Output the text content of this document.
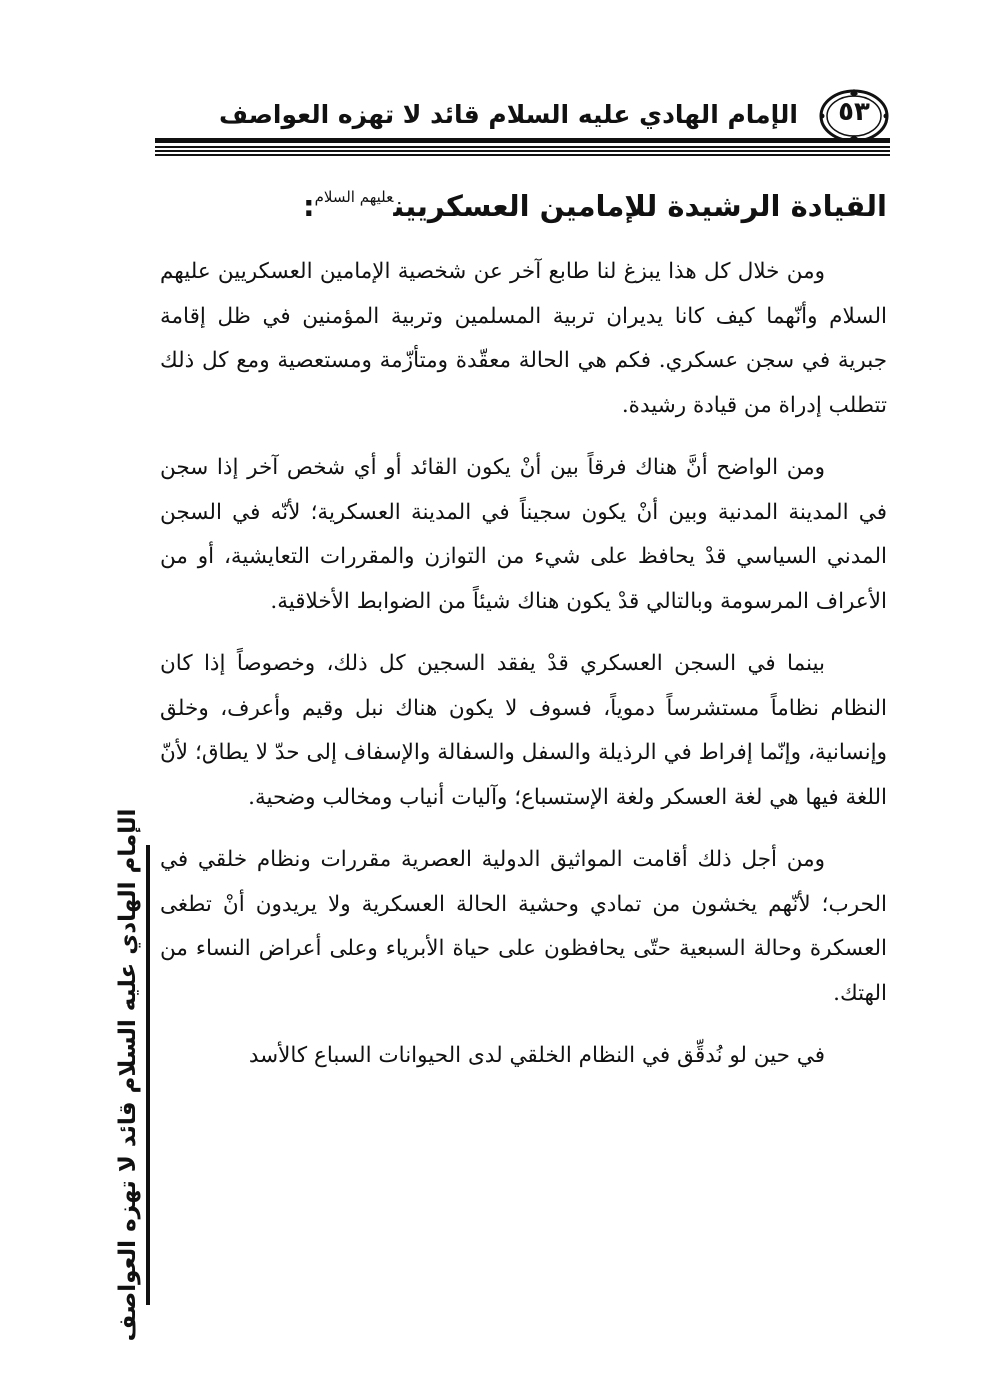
٥٣
الإمام الهادي عليه السلام قائد لا تهزه العواصف
القيادة الرشيدة للإمامين العسكريين$^{عليهم السلام}$:

ومن خلال كل هذا يبزغ لنا طابع آخر عن شخصية الإمامين العسكريين عليهم السلام وأنّهما كيف كانا يديران تربية المسلمين وتربية المؤمنين في ظل إقامة جبرية في سجن عسكري. فكم هي الحالة معقّدة ومتأزّمة ومستعصية ومع كل ذلك تتطلب إدراة من قيادة رشيدة.

ومن الواضح أنَّ هناك فرقاً بين أنْ يكون القائد أو أي شخص آخر إذا سجن في المدينة المدنية وبين أنْ يكون سجيناً في المدينة العسكرية؛ لأنّه في السجن المدني السياسي قدْ يحافظ على شيء من التوازن والمقررات التعايشية، أو من الأعراف المرسومة وبالتالي قدْ يكون هناك شيئاً من الضوابط الأخلاقية.

بينما في السجن العسكري قدْ يفقد السجين كل ذلك، وخصوصاً إذا كان النظام نظاماً مستشرساً دموياً، فسوف لا يكون هناك نبل وقيم وأعرف، وخلق وإنسانية، وإنّما إفراط في الرذيلة والسفل والسفالة والإسفاف إلى حدّ لا يطاق؛ لأنّ اللغة فيها هي لغة العسكر ولغة الإستسباع؛ وآليات أنياب ومخالب وضحية.

ومن أجل ذلك أقامت المواثيق الدولية العصرية مقررات ونظام خلقي في الحرب؛ لأنّهم يخشون من تمادي وحشية الحالة العسكرية ولا يريدون أنْ تطغى العسكرة وحالة السبعية حتّى يحافظون على حياة الأبرياء وعلى أعراض النساء من الهتك.

في حين لو نُدقِّق في النظام الخلقي لدى الحيوانات السباع كالأسد

الإمام الهادي عليه السلام قائد لا تهزه العواصف
